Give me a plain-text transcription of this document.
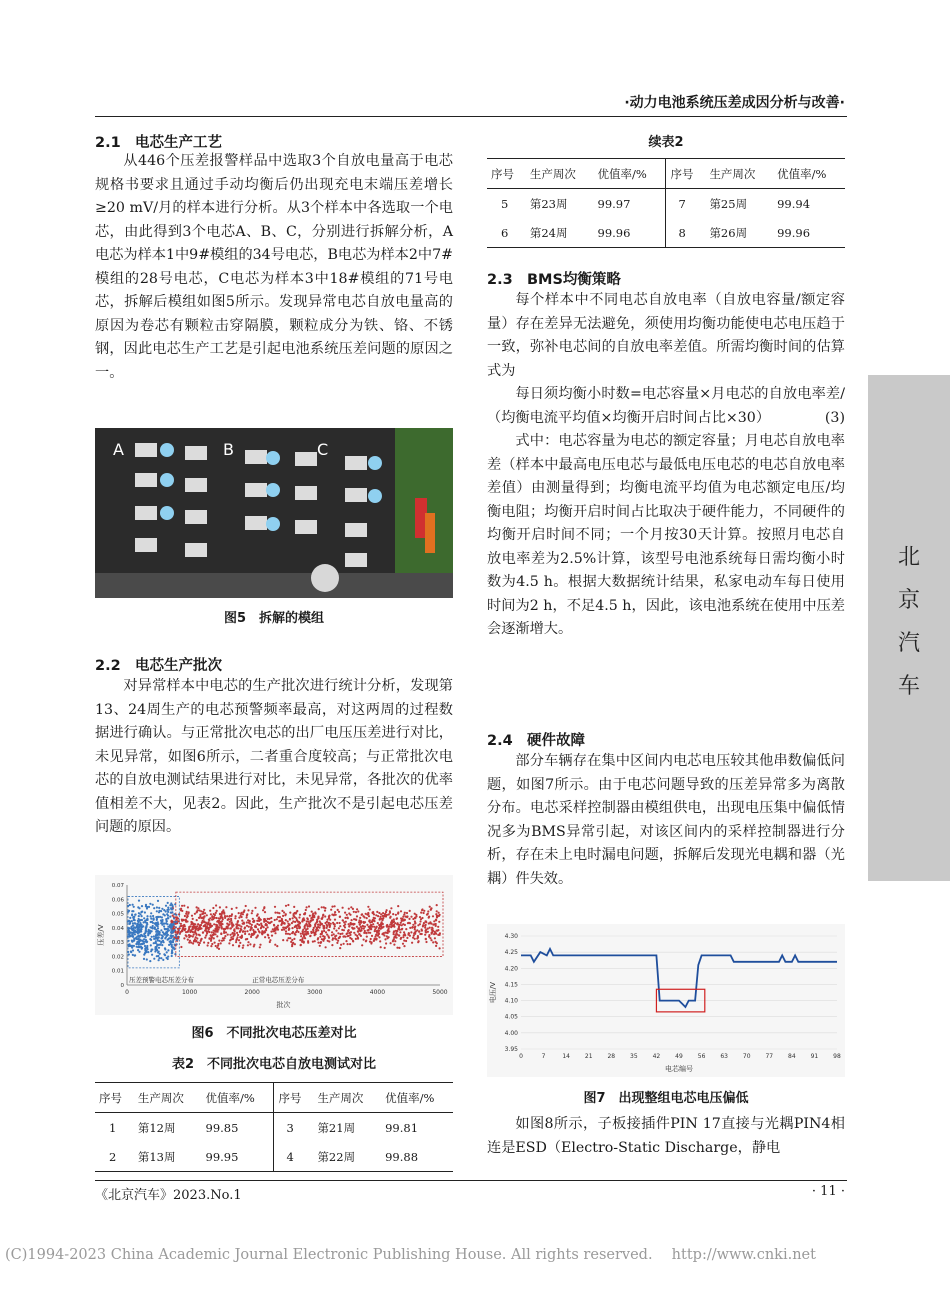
·动力电池系统压差成因分析与改善·
北
京
汽
车
2.1 电芯生产工艺

从446个压差报警样品中选取3个自放电量高于电芯规格书要求且通过手动均衡后仍出现充电末端压差增长≥20 mV/月的样本进行分析。从3个样本中各选取一个电芯，由此得到3个电芯A、B、C，分别进行拆解分析，A电芯为样本1中9#模组的34号电芯，B电芯为样本2中7#模组的28号电芯，C电芯为样本3中18#模组的71号电芯，拆解后模组如图5所示。发现异常电芯自放电量高的原因为卷芯有颗粒击穿隔膜，颗粒成分为铁、铬、不锈钢，因此电芯生产工艺是引起电池系统压差问题的原因之一。

A	B	C
图5　拆解的模组
2.2 电芯生产批次

对异常样本中电芯的生产批次进行统计分析，发现第13、24周生产的电芯预警频率最高，对这两周的过程数据进行确认。与正常批次电芯的出厂电压压差进行对比，未见异常，如图6所示，二者重合度较高；与正常批次电芯的自放电测试结果进行对比，未见异常，各批次的优率值相差不大，见表2。因此，生产批次不是引起电芯压差问题的原因。

0
0.01
0.02
0.03
0.04
0.05
0.06
0.07
0	1000	2000	3000	4000	5000
压差/V
批次
压差预警电芯压差分布	正常电芯压差分布
图6　不同批次电芯压差对比
表2　不同批次电芯自放电测试对比
序号	生产周次	优值率/%	序号	生产周次	优值率/%
1	第12周	99.85	3	第21周	99.81
2	第13周	99.95	4	第22周	99.88
续表2
序号	生产周次	优值率/%	序号	生产周次	优值率/%
5	第23周	99.97	7	第25周	99.94
6	第24周	99.96	8	第26周	99.96
2.3 BMS均衡策略

每个样本中不同电芯自放电率（自放电容量/额定容量）存在差异无法避免，须使用均衡功能使电芯电压趋于一致，弥补电芯间的自放电率差值。所需均衡时间的估算式为

每日须均衡小时数=电芯容量×月电芯的自放电率差/（均衡电流平均值×均衡开启时间占比×30）	(3)

式中：电芯容量为电芯的额定容量；月电芯自放电率差（样本中最高电压电芯与最低电压电芯的电芯自放电率差值）由测量得到；均衡电流平均值为电芯额定电压/均衡电阻；均衡开启时间占比取决于硬件能力，不同硬件的均衡开启时间不同；一个月按30天计算。按照月电芯自放电率差为2.5%计算，该型号电池系统每日需均衡小时数为4.5 h。根据大数据统计结果，私家电动车每日使用时间为2 h，不足4.5 h，因此，该电池系统在使用中压差会逐渐增大。

2.4 硬件故障

部分车辆存在集中区间内电芯电压较其他串数偏低问题，如图7所示。由于电芯问题导致的压差异常多为离散分布。电芯采样控制器由模组供电，出现电压集中偏低情况多为BMS异常引起，对该区间内的采样控制器进行分析，存在未上电时漏电问题，拆解后发现光电耦和器（光耦）件失效。

3.95
4.00
4.05
4.10
4.15
4.20
4.25
4.30
0	7	14 21 28 35 42 49 56 63 70 77 84 91 98
电压/V
电芯编号
图7　出现整组电芯电压偏低

如图8所示，子板接插件PIN 17直接与光耦PIN4相连是ESD（Electro-Static Discharge，静电

《北京汽车》2023.No.1	· 11 ·
(C)1994-2023 China Academic Journal Electronic Publishing House. All rights reserved.　 http://www.cnki.net
